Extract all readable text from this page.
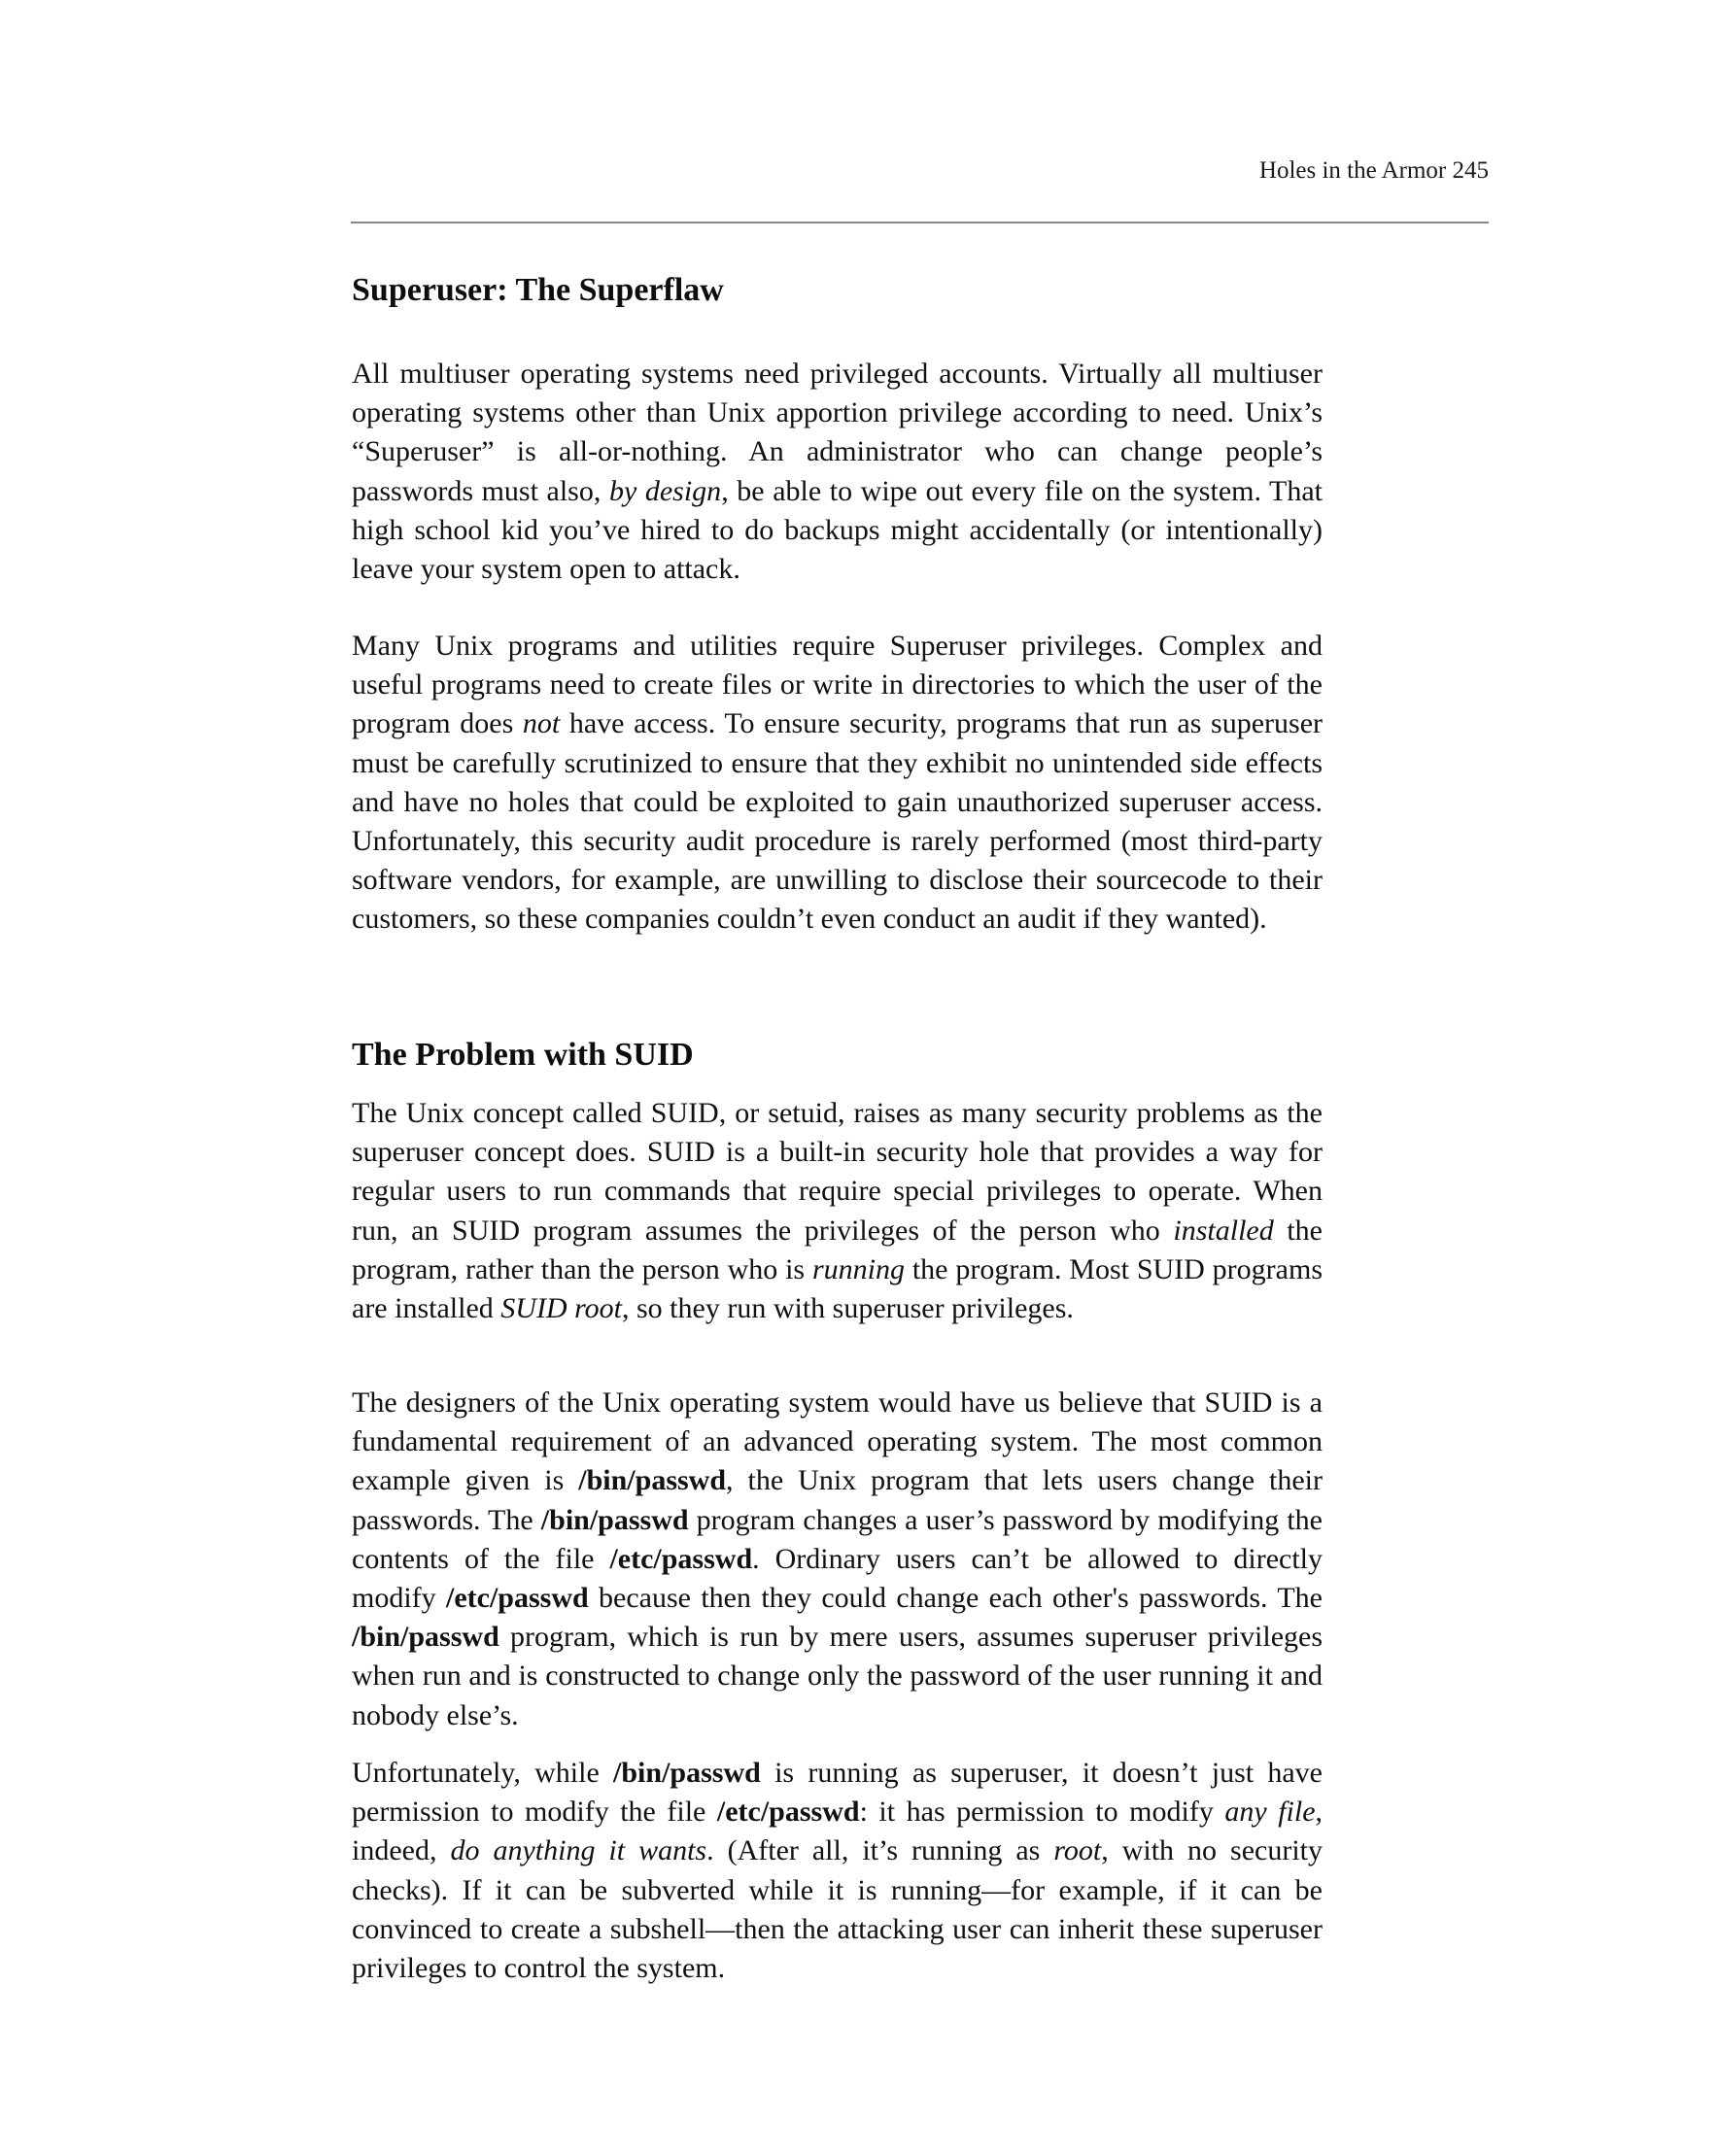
Holes in the Armor 245
Superuser: The Superflaw

All multiuser operating systems need privileged accounts. Virtually all multiuser operating systems other than Unix apportion privilege according to need. Unix’s “Superuser” is all-or-nothing. An administrator who can change people’s passwords must also, by design, be able to wipe out every file on the system. That high school kid you’ve hired to do backups might accidentally (or intentionally) leave your system open to attack.

Many Unix programs and utilities require Superuser privileges. Complex and useful programs need to create files or write in directories to which the user of the program does not have access. To ensure security, programs that run as superuser must be carefully scrutinized to ensure that they exhibit no unintended side effects and have no holes that could be exploited to gain unauthorized superuser access. Unfortunately, this security audit procedure is rarely performed (most third-party software vendors, for example, are unwilling to disclose their sourcecode to their customers, so these companies couldn’t even conduct an audit if they wanted).

The Problem with SUID

The Unix concept called SUID, or setuid, raises as many security problems as the superuser concept does. SUID is a built-in security hole that provides a way for regular users to run commands that require special privileges to operate. When run, an SUID program assumes the privileges of the person who installed the program, rather than the person who is running the program. Most SUID programs are installed SUID root, so they run with superuser privileges.

The designers of the Unix operating system would have us believe that SUID is a fundamental requirement of an advanced operating system. The most common example given is /bin/passwd, the Unix program that lets users change their passwords. The /bin/passwd program changes a user’s password by modifying the contents of the file /etc/passwd. Ordinary users can’t be allowed to directly modify /etc/passwd because then they could change each other's passwords. The /bin/passwd program, which is run by mere users, assumes superuser privileges when run and is constructed to change only the password of the user running it and nobody else’s.

Unfortunately, while /bin/passwd is running as superuser, it doesn’t just have permission to modify the file /etc/passwd: it has permission to modify any file, indeed, do anything it wants. (After all, it’s running as root, with no security checks). If it can be subverted while it is running—for example, if it can be convinced to create a subshell—then the attacking user can inherit these superuser privileges to control the system.
